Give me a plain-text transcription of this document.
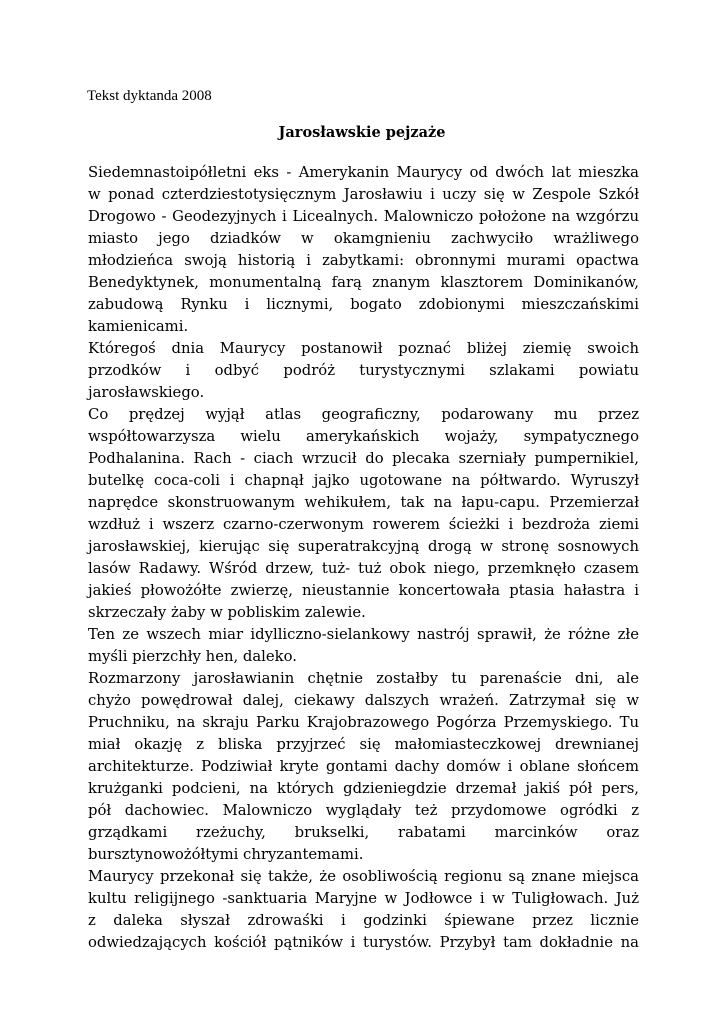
Tekst dyktanda 2008

Jarosławskie pejzaże
Siedemnastoipółletni eks - Amerykanin Maurycy od dwóch lat mieszka
w ponad czterdziestotysięcznym Jarosławiu i uczy się w Zespole Szkół
Drogowo - Geodezyjnych i Licealnych. Malowniczo położone na wzgórzu
miasto jego dziadków w okamgnieniu zachwyciło wrażliwego
młodzieńca swoją historią i zabytkami: obronnymi murami opactwa
Benedyktynek, monumentalną farą znanym klasztorem Dominikanów,
zabudową Rynku i licznymi, bogato zdobionymi mieszczańskimi
kamienicami.
Któregoś dnia Maurycy postanowił poznać bliżej ziemię swoich
przodków i odbyć podróż turystycznymi szlakami powiatu
jarosławskiego.
Co prędzej wyjął atlas geograficzny, podarowany mu przez
współtowarzysza wielu amerykańskich wojaży, sympatycznego
Podhalanina. Rach - ciach wrzucił do plecaka szerniały pumpernikiel,
butelkę coca-coli i chapnął jajko ugotowane na półtwardo. Wyruszył
naprędce skonstruowanym wehikułem, tak na łapu-capu. Przemierzał
wzdłuż i wszerz czarno-czerwonym rowerem ścieżki i bezdroża ziemi
jarosławskiej, kierując się superatrakcyjną drogą w stronę sosnowych
lasów Radawy. Wśród drzew, tuż- tuż obok niego, przemknęło czasem
jakieś płowożółte zwierzę, nieustannie koncertowała ptasia hałastra i
skrzeczały żaby w pobliskim zalewie.
Ten ze wszech miar idylliczno-sielankowy nastrój sprawił, że różne złe
myśli pierzchły hen, daleko.
Rozmarzony jarosławianin chętnie zostałby tu parenaście dni, ale
chyżo powędrował dalej, ciekawy dalszych wrażeń. Zatrzymał się w
Pruchniku, na skraju Parku Krajobrazowego Pogórza Przemyskiego. Tu
miał okazję z bliska przyjrzeć się małomiasteczkowej drewnianej
architekturze. Podziwiał kryte gontami dachy domów i oblane słońcem
krużganki podcieni, na których gdzieniegdzie drzemał jakiś pół pers,
pół dachowiec. Malowniczo wyglądały też przydomowe ogródki z
grządkami rzeżuchy, brukselki, rabatami marcinków oraz
bursztynowożółtymi chryzantemami.
Maurycy przekonał się także, że osobliwością regionu są znane miejsca
kultu religijnego -sanktuaria Maryjne w Jodłowce i w Tuligłowach. Już
z daleka słyszał zdrowaśki i godzinki śpiewane przez licznie
odwiedzających kościół pątników i turystów. Przybył tam dokładnie na
